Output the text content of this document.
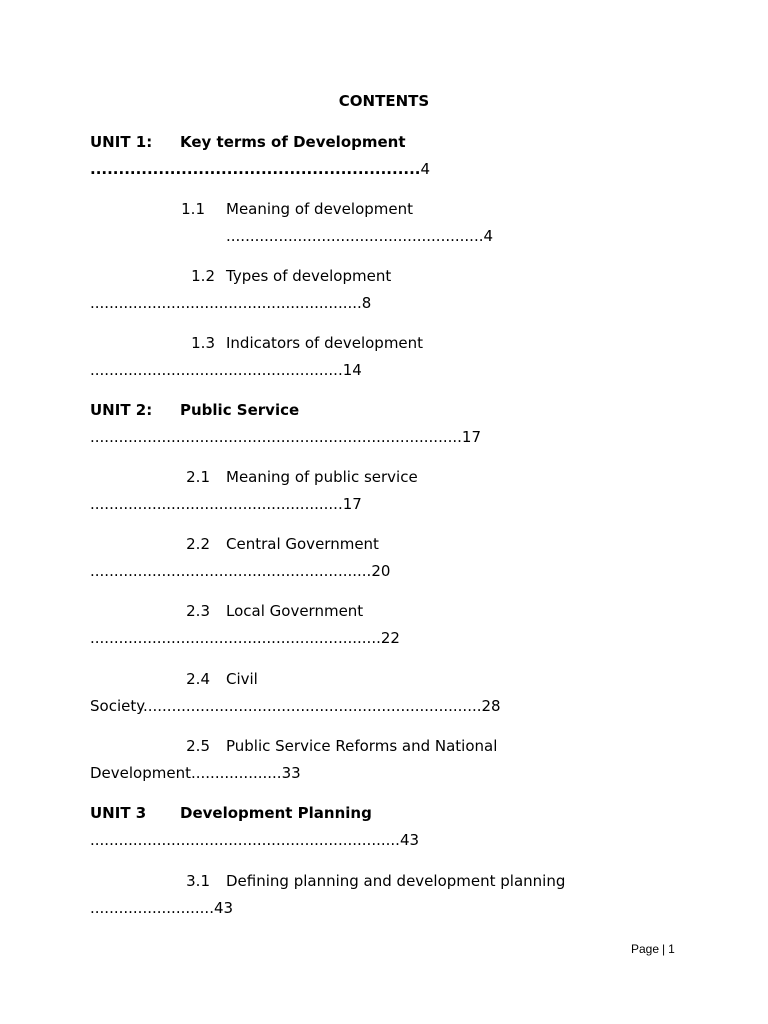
CONTENTS
UNIT 1: Key terms of Development
..........................................................4
1.1 Meaning of development
......................................................4
1.2 Types of development
.........................................................8
1.3 Indicators of development
.....................................................14
UNIT 2: Public Service
..............................................................................17
2.1 Meaning of public service
.....................................................17
2.2 Central Government
...........................................................20
2.3 Local Government
.............................................................22
2.4 Civil
Society.......................................................................28
2.5 Public Service Reforms and National
Development...................33
UNIT 3 Development Planning
.................................................................43
3.1 Defining planning and development planning
..........................43
Page | 1
